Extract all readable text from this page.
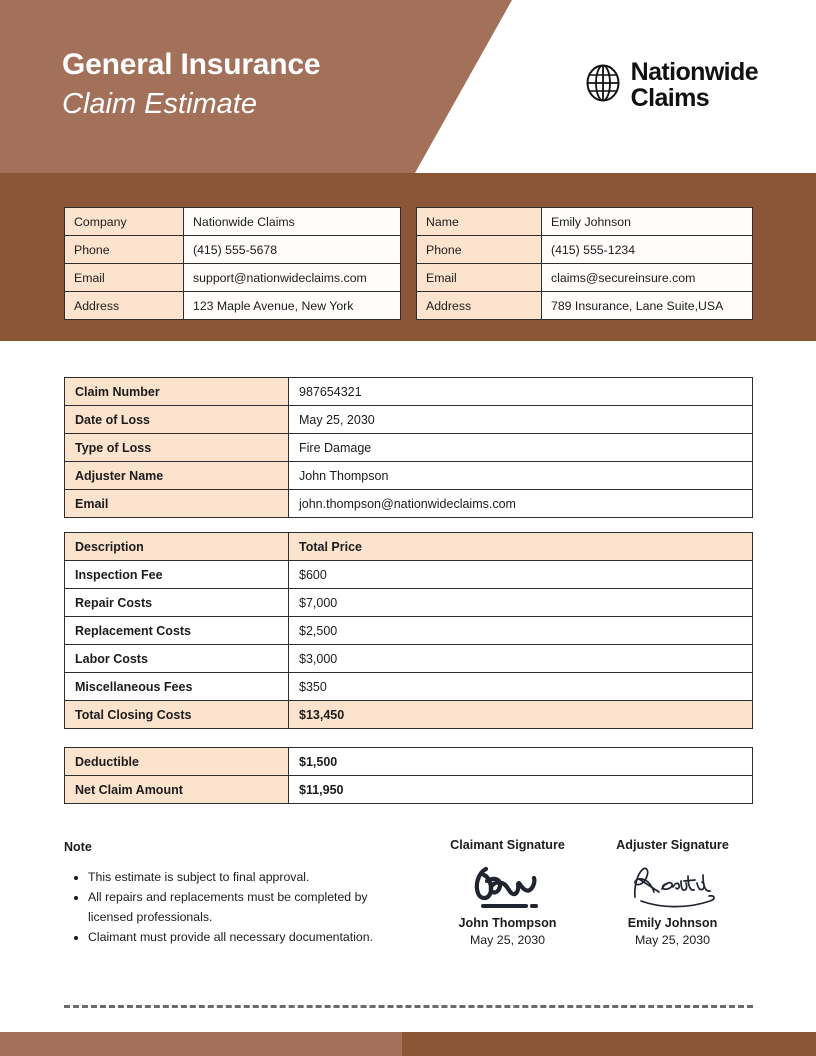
General Insurance
Claim Estimate
Nationwide
Claims
Company	Nationwide Claims
Phone	(415) 555-5678
Email	support@nationwideclaims.com
Address	123 Maple Avenue, New York
Name	Emily Johnson
Phone	(415) 555-1234
Email	claims@secureinsure.com
Address	789 Insurance, Lane Suite,USA
Claim Number	987654321
Date of Loss	May 25, 2030
Type of Loss	Fire Damage
Adjuster Name	John Thompson
Email	john.thompson@nationwideclaims.com
Description	Total Price
Inspection Fee	$600
Repair Costs	$7,000
Replacement Costs	$2,500
Labor Costs	$3,000
Miscellaneous Fees	$350
Total Closing Costs	$13,450
Deductible	$1,500
Net Claim Amount	$11,950
Note
• This estimate is subject to final approval.
• All repairs and replacements must be completed by licensed professionals.
• Claimant must provide all necessary documentation.
Claimant Signature
John Thompson
May 25, 2030
Adjuster Signature
Emily Johnson
May 25, 2030
